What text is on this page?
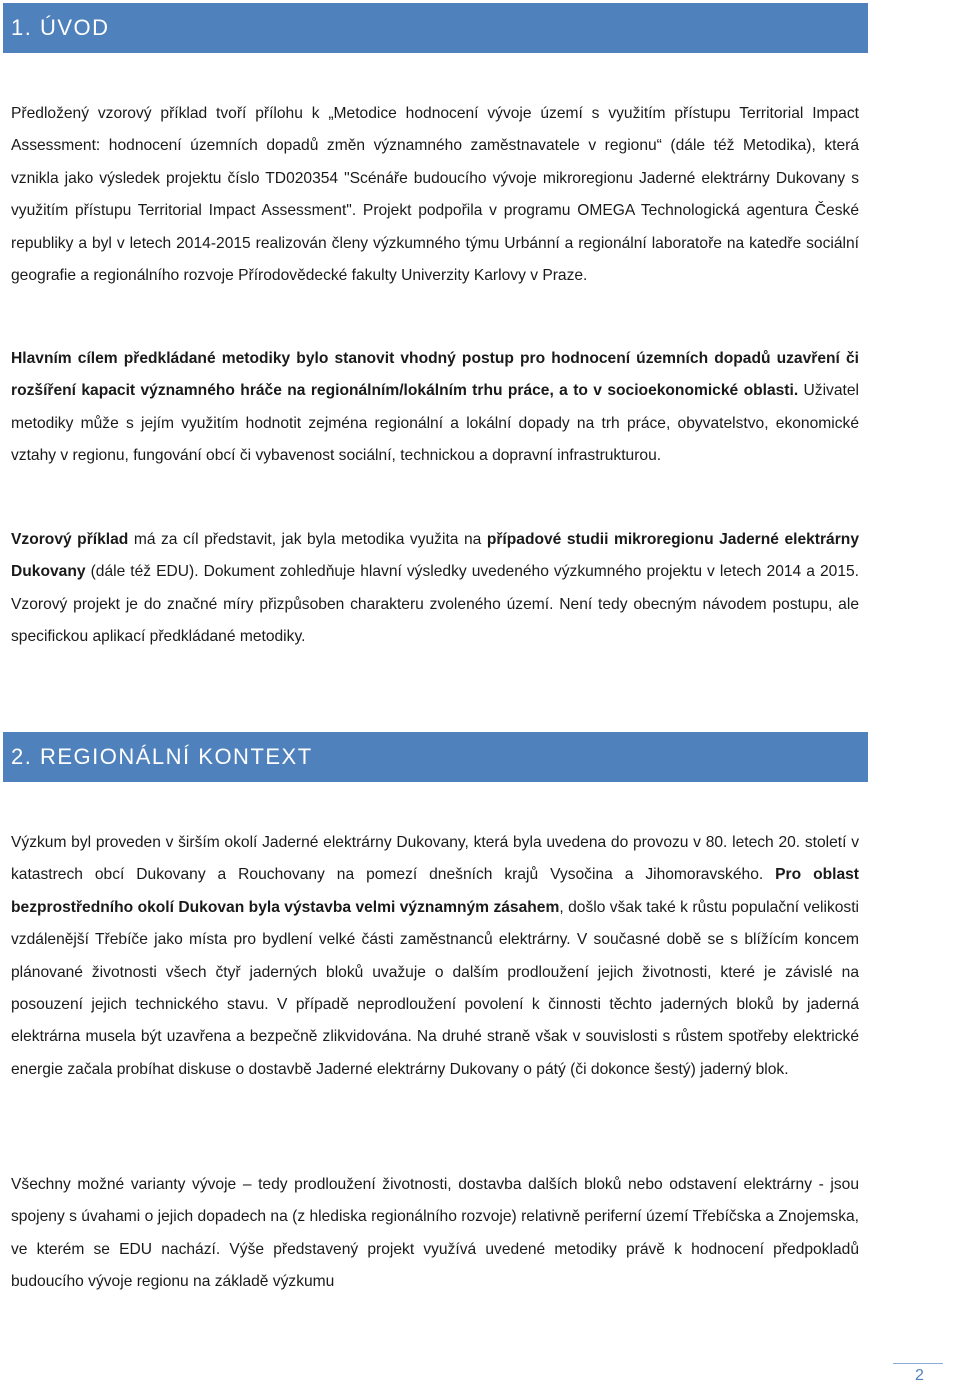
1. ÚVOD

Předložený vzorový příklad tvoří přílohu k „Metodice hodnocení vývoje území s využitím přístupu Territorial Impact Assessment: hodnocení územních dopadů změn významného zaměstnavatele v regionu“ (dále též Metodika), která vznikla jako výsledek projektu číslo TD020354 "Scénáře budoucího vývoje mikroregionu Jaderné elektrárny Dukovany s využitím přístupu Territorial Impact Assessment". Projekt podpořila v programu OMEGA Technologická agentura České republiky a byl v letech 2014-2015 realizován členy výzkumného týmu Urbánní a regionální laboratoře na katedře sociální geografie a regionálního rozvoje Přírodovědecké fakulty Univerzity Karlovy v Praze.

Hlavním cílem předkládané metodiky bylo stanovit vhodný postup pro hodnocení územních dopadů uzavření či rozšíření kapacit významného hráče na regionálním/lokálním trhu práce, a to v socioekonomické oblasti. Uživatel metodiky může s jejím využitím hodnotit zejména regionální a lokální dopady na trh práce, obyvatelstvo, ekonomické vztahy v regionu, fungování obcí či vybavenost sociální, technickou a dopravní infrastrukturou.

Vzorový příklad má za cíl představit, jak byla metodika využita na případové studii mikroregionu Jaderné elektrárny Dukovany (dále též EDU). Dokument zohledňuje hlavní výsledky uvedeného výzkumného projektu v letech 2014 a 2015. Vzorový projekt je do značné míry přizpůsoben charakteru zvoleného území. Není tedy obecným návodem postupu, ale specifickou aplikací předkládané metodiky.

2. REGIONÁLNÍ KONTEXT

Výzkum byl proveden v širším okolí Jaderné elektrárny Dukovany, která byla uvedena do provozu v 80. letech 20. století v katastrech obcí Dukovany a Rouchovany na pomezí dnešních krajů Vysočina a Jihomoravského. Pro oblast bezprostředního okolí Dukovan byla výstavba velmi významným zásahem, došlo však také k růstu populační velikosti vzdálenější Třebíče jako místa pro bydlení velké části zaměstnanců elektrárny. V současné době se s blížícím koncem plánované životnosti všech čtyř jaderných bloků uvažuje o dalším prodloužení jejich životnosti, které je závislé na posouzení jejich technického stavu. V případě neprodloužení povolení k činnosti těchto jaderných bloků by jaderná elektrárna musela být uzavřena a bezpečně zlikvidována. Na druhé straně však v souvislosti s růstem spotřeby elektrické energie začala probíhat diskuse o dostavbě Jaderné elektrárny Dukovany o pátý (či dokonce šestý) jaderný blok.

Všechny možné varianty vývoje – tedy prodloužení životnosti, dostavba dalších bloků nebo odstavení elektrárny - jsou spojeny s úvahami o jejich dopadech na (z hlediska regionálního rozvoje) relativně periferní území Třebíčska a Znojemska, ve kterém se EDU nachází. Výše představený projekt využívá uvedené metodiky právě k hodnocení předpokladů budoucího vývoje regionu na základě výzkumu

2
